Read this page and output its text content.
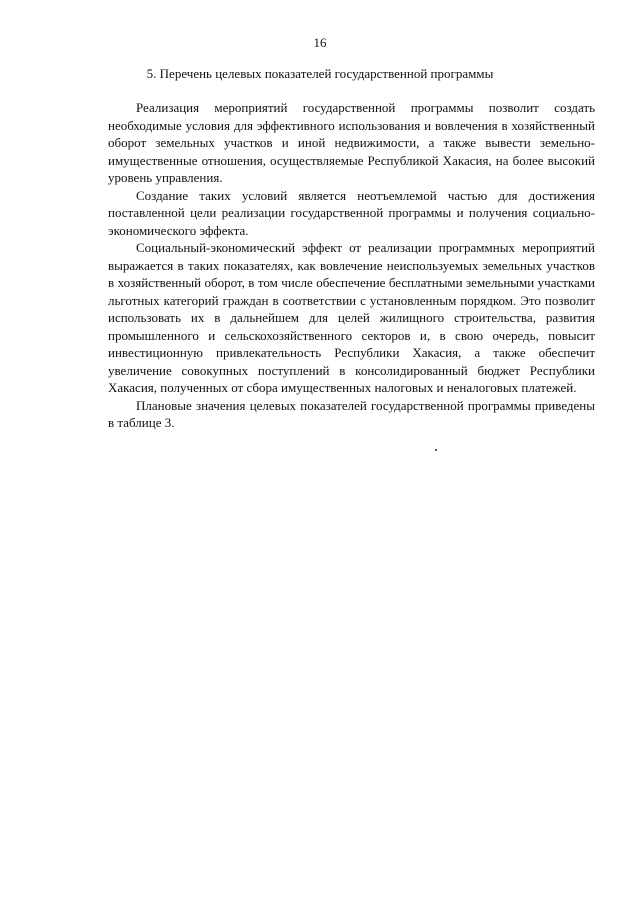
16
5. Перечень целевых показателей государственной программы

Реализация мероприятий государственной программы позволит создать необходимые условия для эффективного использования и вовлечения в хозяйственный оборот земельных участков и иной недвижимости, а также вывести земельно-имущественные отношения, осуществляемые Республикой Хакасия, на более высокий уровень управления.

Создание таких условий является неотъемлемой частью для достижения поставленной цели реализации государственной программы и получения социально-экономического эффекта.

Социальный-экономический эффект от реализации программных мероприятий выражается в таких показателях, как вовлечение неиспользуемых земельных участков в хозяйственный оборот, в том числе обеспечение бесплатными земельными участками льготных категорий граждан в соответствии с установленным порядком. Это позволит использовать их в дальнейшем для целей жилищного строительства, развития промышленного и сельскохозяйственного секторов и, в свою очередь, повысит инвестиционную привлекательность Республики Хакасия, а также обеспечит увеличение совокупных поступлений в консолидированный бюджет Республики Хакасия, полученных от сбора имущественных налоговых и неналоговых платежей.

Плановые значения целевых показателей государственной программы приведены в таблице 3.
